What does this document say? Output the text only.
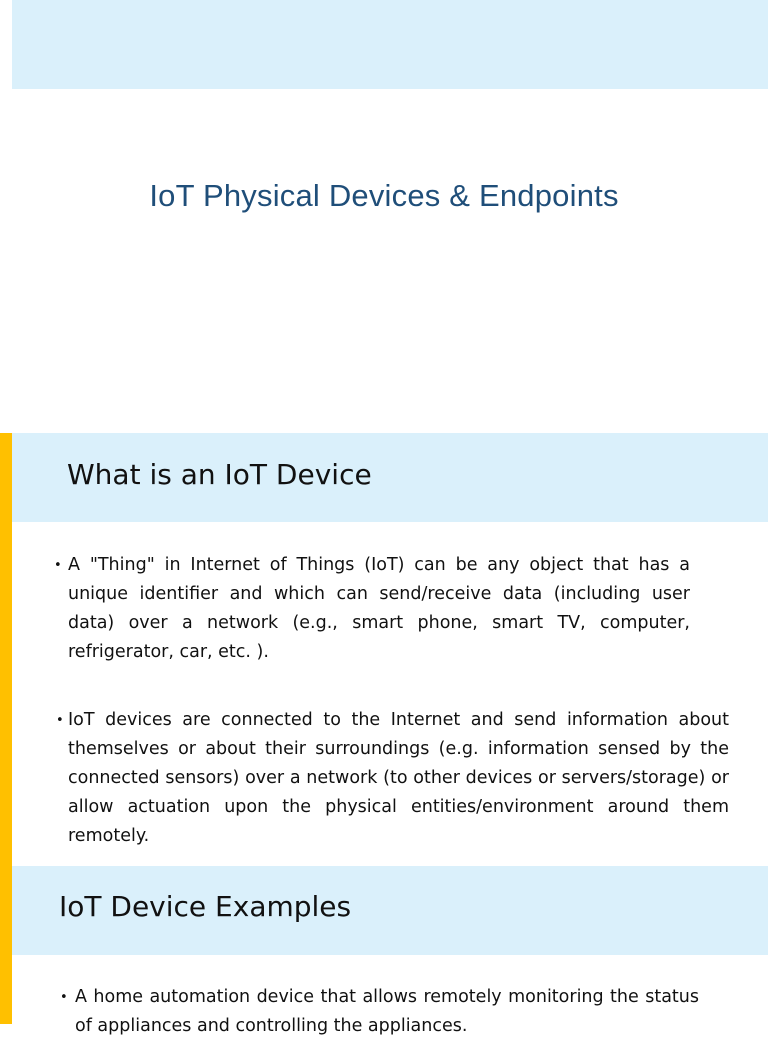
IoT Physical Devices & Endpoints
What is an IoT Device
• A "Thing" in Internet of Things (IoT) can be any object that has a unique identifier and which can send/receive data (including user data) over a network (e.g., smart phone, smart TV, computer, refrigerator, car, etc. ).
• IoT devices are connected to the Internet and send information about themselves or about their surroundings (e.g. information sensed by the connected sensors) over a network (to other devices or servers/storage) or allow actuation upon the physical entities/environment around them remotely.
IoT Device Examples
• A home automation device that allows remotely monitoring the status of appliances and controlling the appliances.
